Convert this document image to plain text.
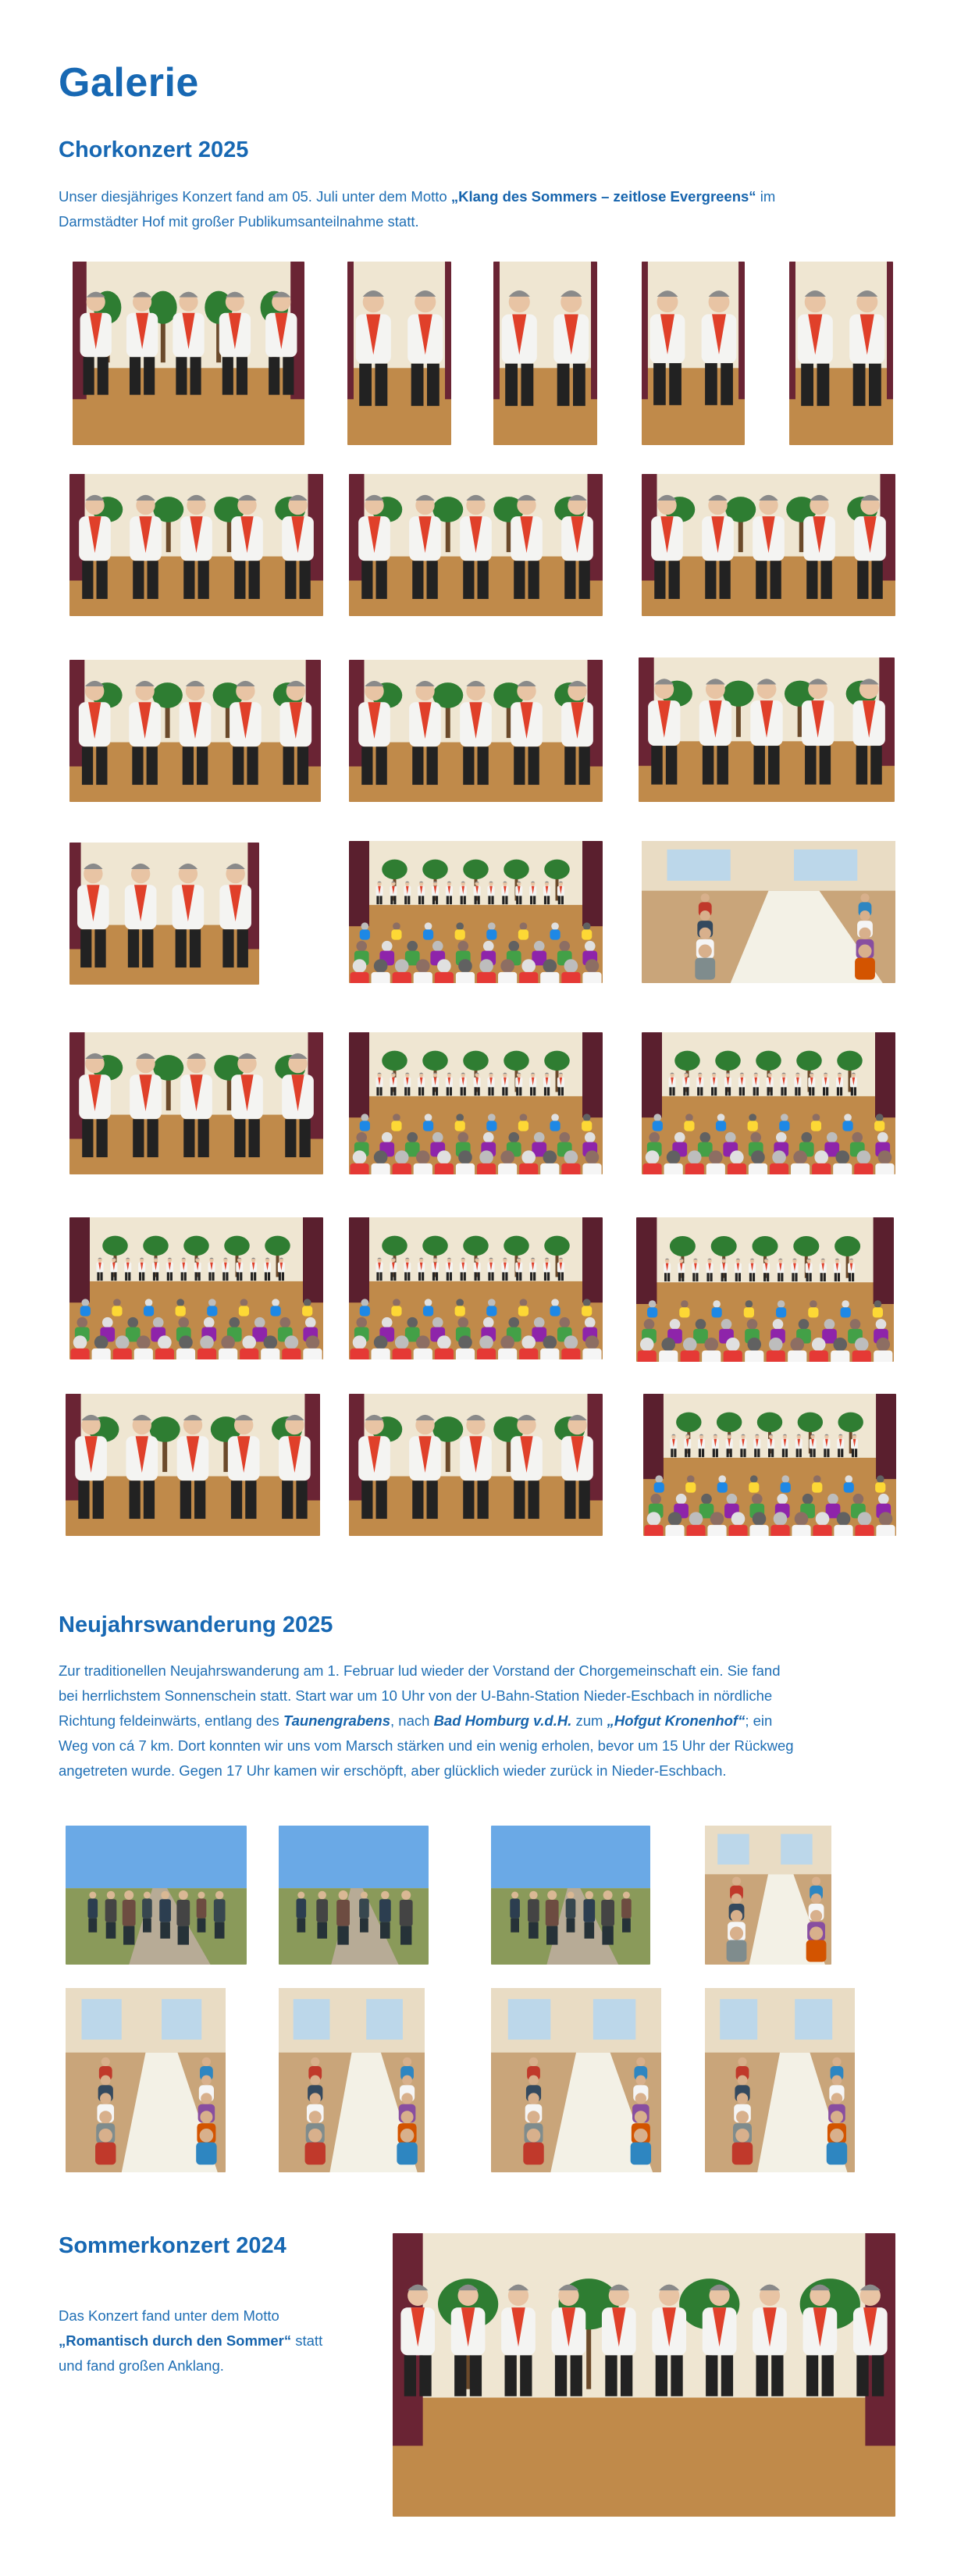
Galerie
Chorkonzert 2025

Unser diesjähriges Konzert fand am 05. Juli unter dem Motto „Klang des Sommers – zeitlose Evergreens“ im
Darmstädter Hof mit großer Publikumsanteilnahme statt.

Neujahrswanderung 2025

Zur traditionellen Neujahrswanderung am 1. Februar lud wieder der Vorstand der Chorgemeinschaft ein. Sie fand
bei herrlichstem Sonnenschein statt. Start war um 10 Uhr von der U-Bahn-Station Nieder-Eschbach in nördliche
Richtung feldeinwärts, entlang des Taunengrabens, nach Bad Homburg v.d.H. zum „Hofgut Kronenhof“; ein
Weg von cá 7 km. Dort konnten wir uns vom Marsch stärken und ein wenig erholen, bevor um 15 Uhr der Rückweg
angetreten wurde. Gegen 17 Uhr kamen wir erschöpft, aber glücklich wieder zurück in Nieder-Eschbach.

Sommerkonzert 2024

Das Konzert fand unter dem Motto
„Romantisch durch den Sommer“ statt
und fand großen Anklang.
